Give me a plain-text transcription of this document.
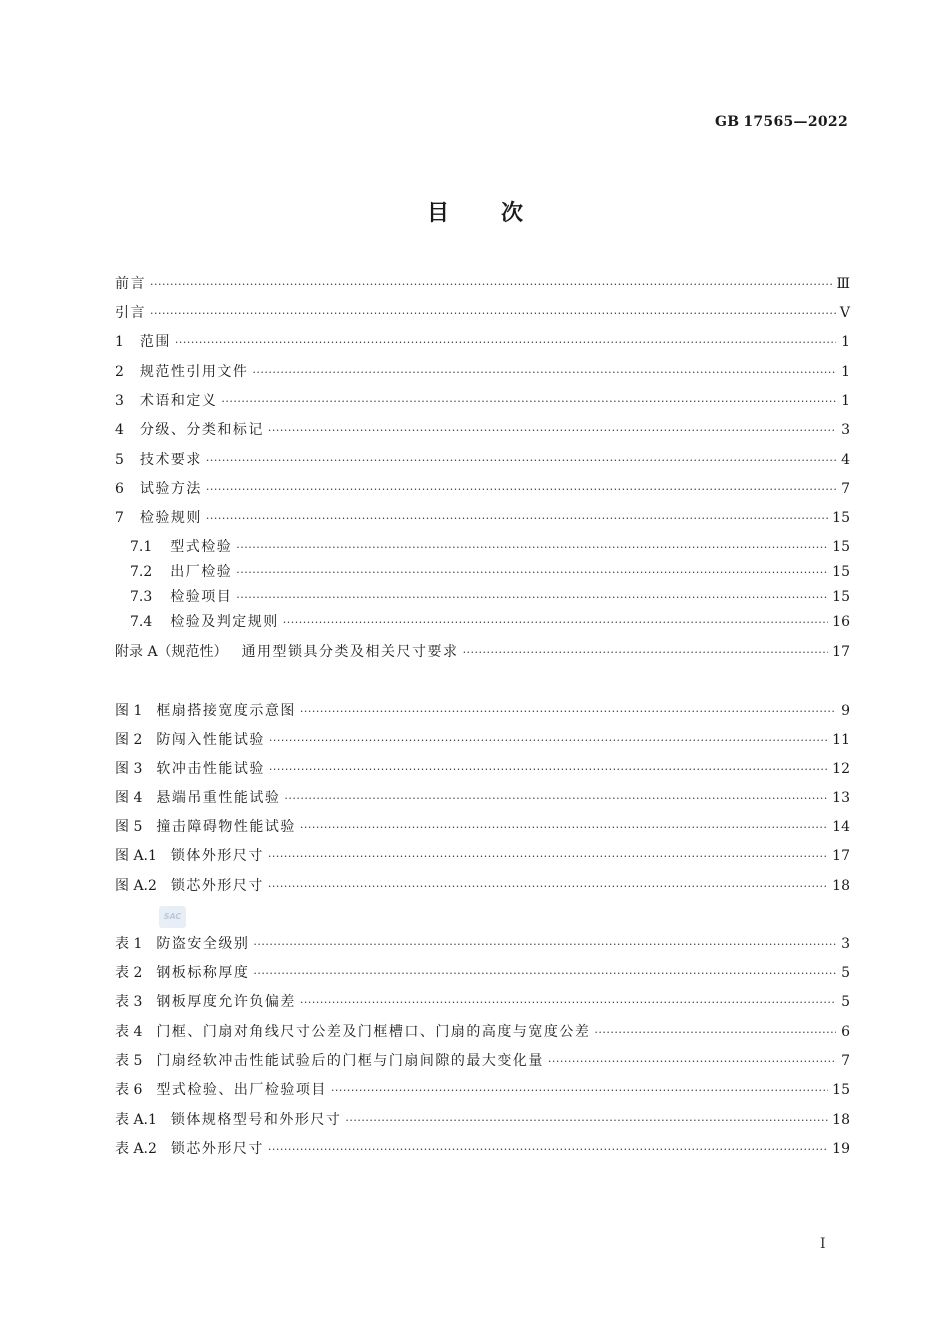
GB 17565—2022
目次
前言 ·····	Ⅲ
引言 ·····	Ⅴ
1 范围 ·····	1
2 规范性引用文件 ·····	1
3 术语和定义 ·····	1
4 分级、分类和标记 ·····	3
5 技术要求 ·····	4
6 试验方法 ·····	7
7 检验规则 ·····	15
7.1 型式检验 ·····	15
7.2 出厂检验 ·····	15
7.3 检验项目 ·····	15
7.4 检验及判定规则 ·····	16
附录 A（规范性） 通用型锁具分类及相关尺寸要求 ·····	17
图 1 框扇搭接宽度示意图 ·····	9
图 2 防闯入性能试验 ·····	11
图 3 软冲击性能试验 ·····	12
图 4 悬端吊重性能试验 ·····	13
图 5 撞击障碍物性能试验 ·····	14
图 A.1 锁体外形尺寸 ·····	17
图 A.2 锁芯外形尺寸 ·····	18
表 1 防盗安全级别 ·····	3
表 2 钢板标称厚度 ·····	5
表 3 钢板厚度允许负偏差 ·····	5
表 4 门框、门扇对角线尺寸公差及门框槽口、门扇的高度与宽度公差 ·····	6
表 5 门扇经软冲击性能试验后的门框与门扇间隙的最大变化量 ·····	7
表 6 型式检验、出厂检验项目 ·····	15
表 A.1 锁体规格型号和外形尺寸 ·····	18
表 A.2 锁芯外形尺寸 ·····	19
SAC
I
